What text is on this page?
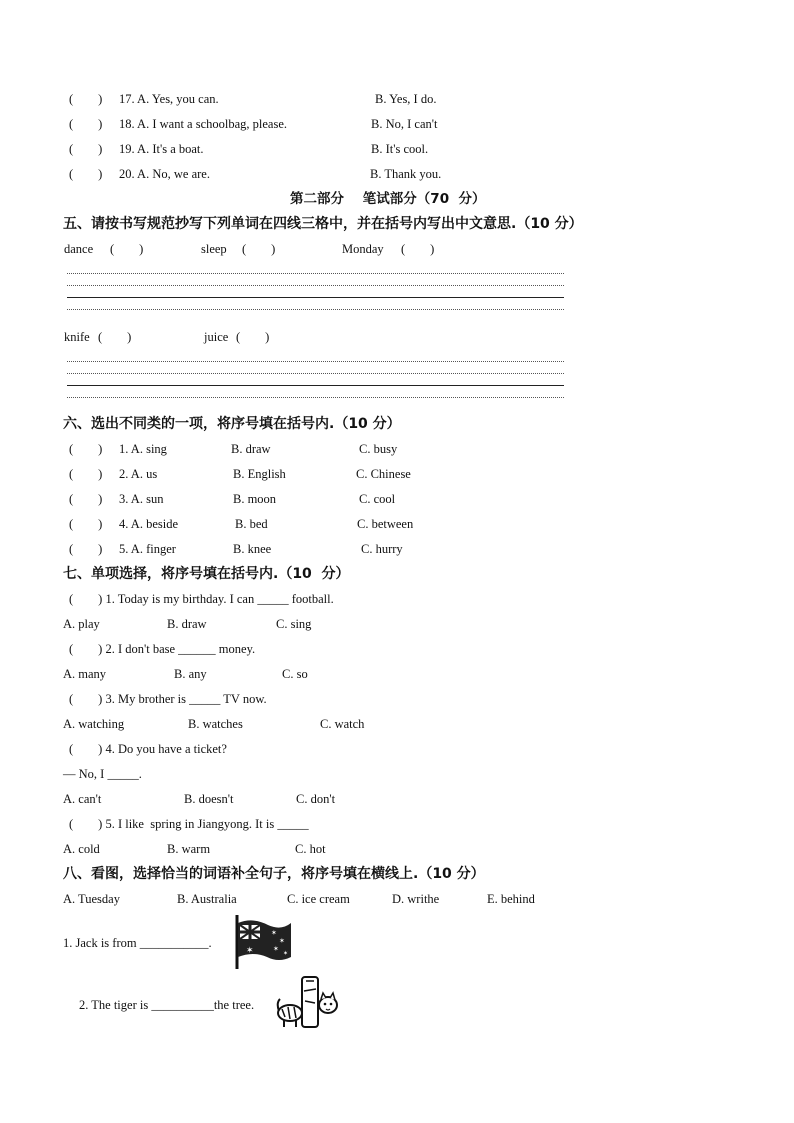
(        ) 17. A. Yes, you can.	B. Yes, I do.
(        ) 18. A. I want a schoolbag, please.	B. No, I can't
(        ) 19. A. It's a boat.	B. It's cool.
(        ) 20. A. No, we are.	B. Thank you.
第二部分    笔试部分（70  分）
五、请按书写规范抄写下列单词在四线三格中，并在括号内写出中文意思.（10 分）
dance (        )	sleep (        )	Monday (        )
knife (        )	juice (        )
六、选出不同类的一项，将序号填在括号内.（10 分）
(        ) 1. A. sing	B. draw	C. busy
(        ) 2. A. us	B. English	C. Chinese
(        ) 3. A. sun	B. moon	C. cool
(        ) 4. A. beside	B. bed	C. between
(        ) 5. A. finger	B. knee	C. hurry
七、单项选择，将序号填在括号内.（10  分）
(        ) 1. Today is my birthday. I can _____ football.
A. play	B. draw	C. sing
(        ) 2. I don't base ______ money.
A. many	B. any	C. so
(        ) 3. My brother is _____ TV now.
A. watching	B. watches	C. watch
(        ) 4. Do you have a ticket?
— No, I _____.
A. can't	B. doesn't	C. don't
(        ) 5. I like  spring in Jiangyong. It is _____
A. cold	B. warm	C. hot
八、看图，选择恰当的词语补全句子，将序号填在横线上.（10 分）
A. Tuesday	B. Australia	C. ice cream	D. writhe	E. behind
1. Jack is from ___________.
2. The tiger is __________the tree.
✶
✶
✶
✶
✶
